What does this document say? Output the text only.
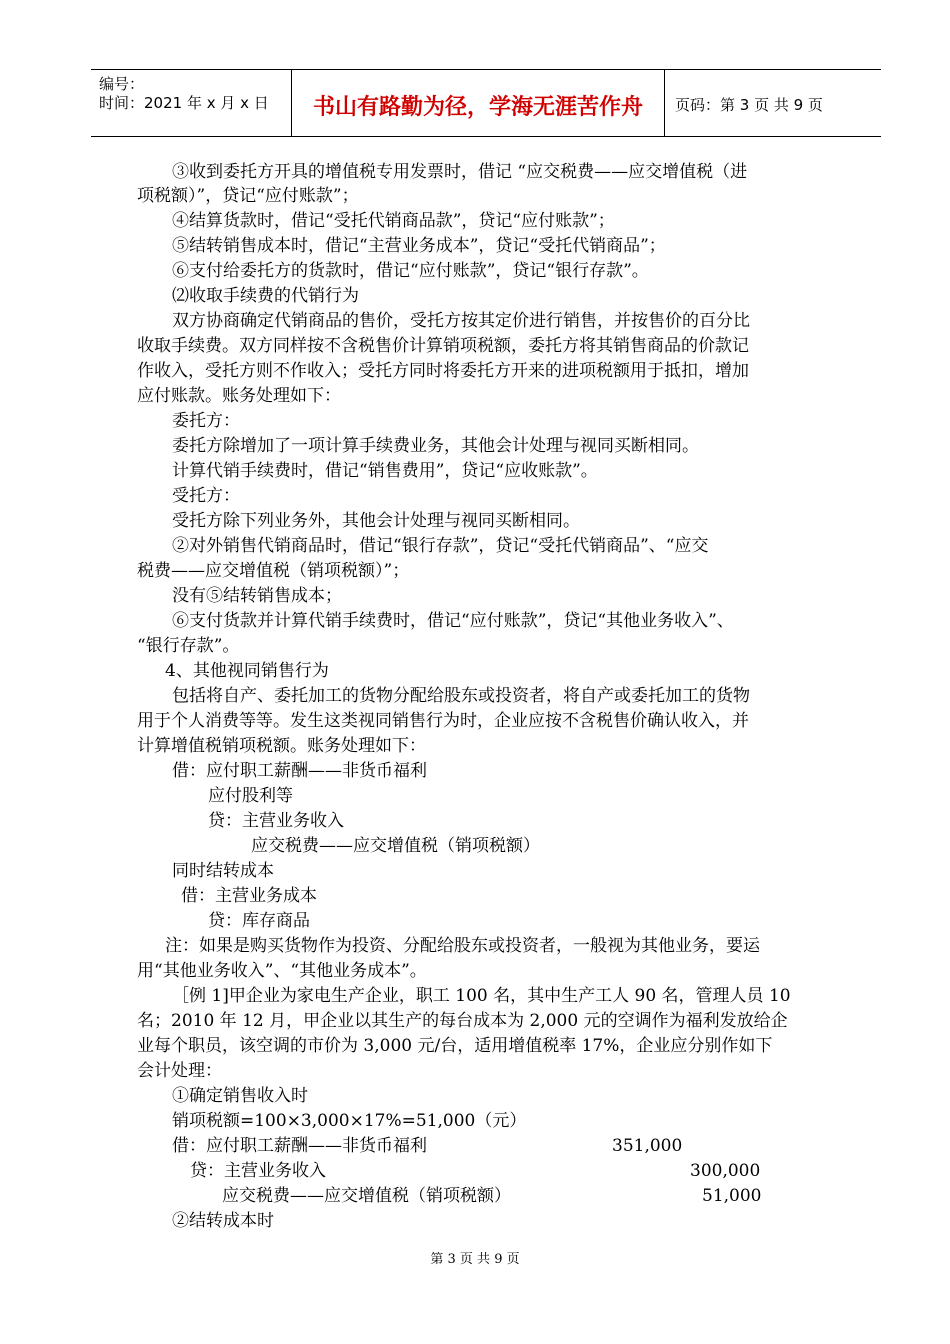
编号：
时间：2021 年 x 月 x 日	书山有路勤为径，学海无涯苦作舟	页码：第 3 页 共 9 页
③收到委托方开具的增值税专用发票时，借记 “应交税费——应交增值税（进
项税额）”，贷记“应付账款”；
④结算货款时，借记“受托代销商品款”，贷记“应付账款”；
⑤结转销售成本时，借记“主营业务成本”，贷记“受托代销商品”；
⑥支付给委托方的货款时，借记“应付账款”，贷记“银行存款”。
⑵收取手续费的代销行为
双方协商确定代销商品的售价，受托方按其定价进行销售，并按售价的百分比
收取手续费。双方同样按不含税售价计算销项税额，委托方将其销售商品的价款记
作收入，受托方则不作收入；受托方同时将委托方开来的进项税额用于抵扣，增加
应付账款。账务处理如下：
委托方：
委托方除增加了一项计算手续费业务，其他会计处理与视同买断相同。
计算代销手续费时，借记“销售费用”，贷记“应收账款”。
受托方：
受托方除下列业务外，其他会计处理与视同买断相同。
②对外销售代销商品时，借记“银行存款”，贷记“受托代销商品”、“应交
税费——应交增值税（销项税额）”；
没有⑤结转销售成本；
⑥支付货款并计算代销手续费时，借记“应付账款”，贷记“其他业务收入”、
“银行存款”。
4、其他视同销售行为
包括将自产、委托加工的货物分配给股东或投资者，将自产或委托加工的货物
用于个人消费等等。发生这类视同销售行为时，企业应按不含税售价确认收入，并
计算增值税销项税额。账务处理如下：
借：应付职工薪酬——非货币福利
应付股利等
贷：主营业务收入
应交税费——应交增值税（销项税额）
同时结转成本
借：主营业务成本
贷：库存商品
注：如果是购买货物作为投资、分配给股东或投资者，一般视为其他业务，要运
用“其他业务收入”、“其他业务成本”。
［例 1]甲企业为家电生产企业，职工 100 名，其中生产工人 90 名，管理人员 10
名；2010 年 12 月，甲企业以其生产的每台成本为 2,000 元的空调作为福利发放给企
业每个职员，该空调的市价为 3,000 元/台，适用增值税率 17%，企业应分别作如下
会计处理：
①确定销售收入时
销项税额=100×3,000×17%=51,000（元）
借：应付职工薪酬——非货币福利	351,000
贷：主营业务收入	300,000
应交税费——应交增值税（销项税额）	51,000
②结转成本时
第 3 页 共 9 页
